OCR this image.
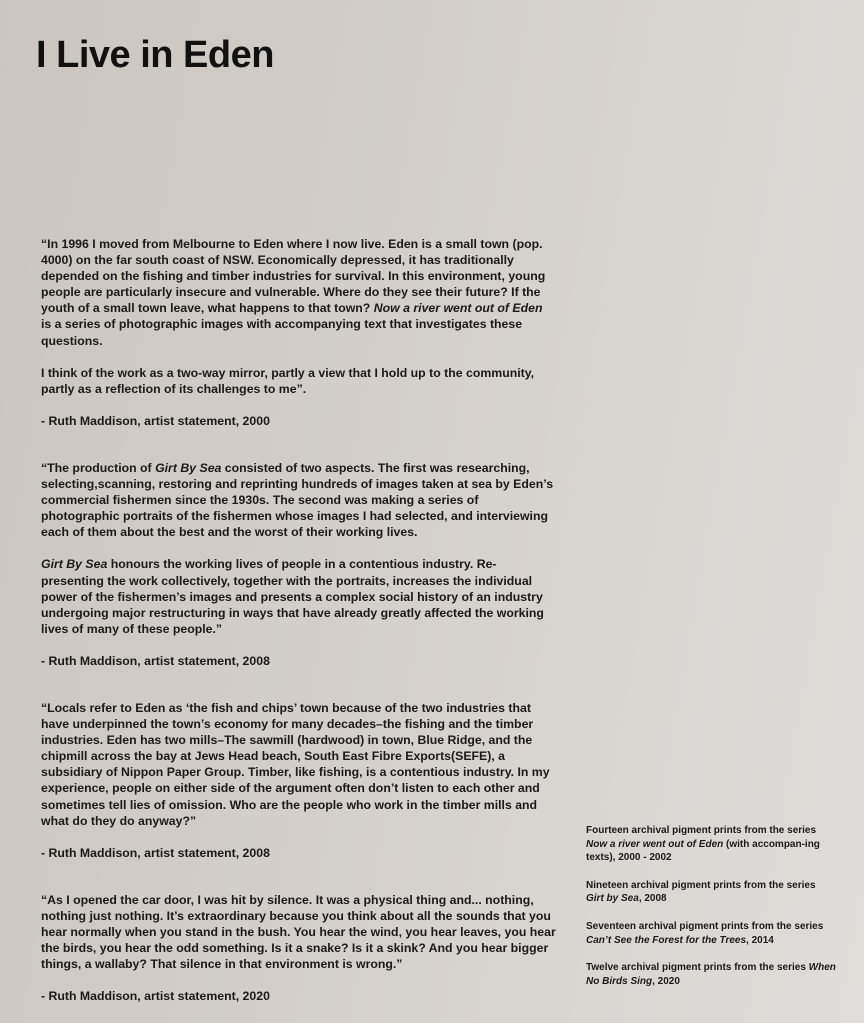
I Live in Eden

“In 1996 I moved from Melbourne to Eden where I now live. Eden is a small town (pop. 4000) on the far south coast of NSW. Economically depressed, it has traditionally depended on the fishing and timber industries for survival. In this environment, young people are particularly insecure and vulnerable. Where do they see their future? If the youth of a small town leave, what happens to that town? Now a river went out of Eden is a series of photographic images with accompanying text that investigates these questions.

I think of the work as a two-way mirror, partly a view that I hold up to the community, partly as a reflection of its challenges to me”.

- Ruth Maddison, artist statement, 2000

“The production of Girt By Sea consisted of two aspects. The first was researching, selecting,scanning, restoring and reprinting hundreds of images taken at sea by Eden’s commercial fishermen since the 1930s. The second was making a series of photographic portraits of the fishermen whose images I had selected, and interviewing each of them about the best and the worst of their working lives.

Girt By Sea honours the working lives of people in a contentious industry. Re-presenting the work collectively, together with the portraits, increases the individual power of the fishermen’s images and presents a complex social history of an industry undergoing major restructuring in ways that have already greatly affected the working lives of many of these people.”

- Ruth Maddison, artist statement, 2008

“Locals refer to Eden as ‘the fish and chips’ town because of the two industries that have underpinned the town’s economy for many decades–the fishing and the timber industries. Eden has two mills–The sawmill (hardwood) in town, Blue Ridge, and the chipmill across the bay at Jews Head beach, South East Fibre Exports(SEFE), a subsidiary of Nippon Paper Group. Timber, like fishing, is a contentious industry. In my experience, people on either side of the argument often don’t listen to each other and sometimes tell lies of omission. Who are the people who work in the timber mills and what do they do anyway?”

- Ruth Maddison, artist statement, 2008

“As I opened the car door, I was hit by silence. It was a physical thing and... nothing, nothing just nothing. It’s extraordinary because you think about all the sounds that you hear normally when you stand in the bush. You hear the wind, you hear leaves, you hear the birds, you hear the odd something. Is it a snake? Is it a skink? And you hear bigger things, a wallaby? That silence in that environment is wrong.”

- Ruth Maddison, artist statement, 2020

Fourteen archival pigment prints from the series Now a river went out of Eden (with accompan-ing texts), 2000 - 2002

Nineteen archival pigment prints from the series Girt by Sea, 2008

Seventeen archival pigment prints from the series Can’t See the Forest for the Trees, 2014

Twelve archival pigment prints from the series When No Birds Sing, 2020
